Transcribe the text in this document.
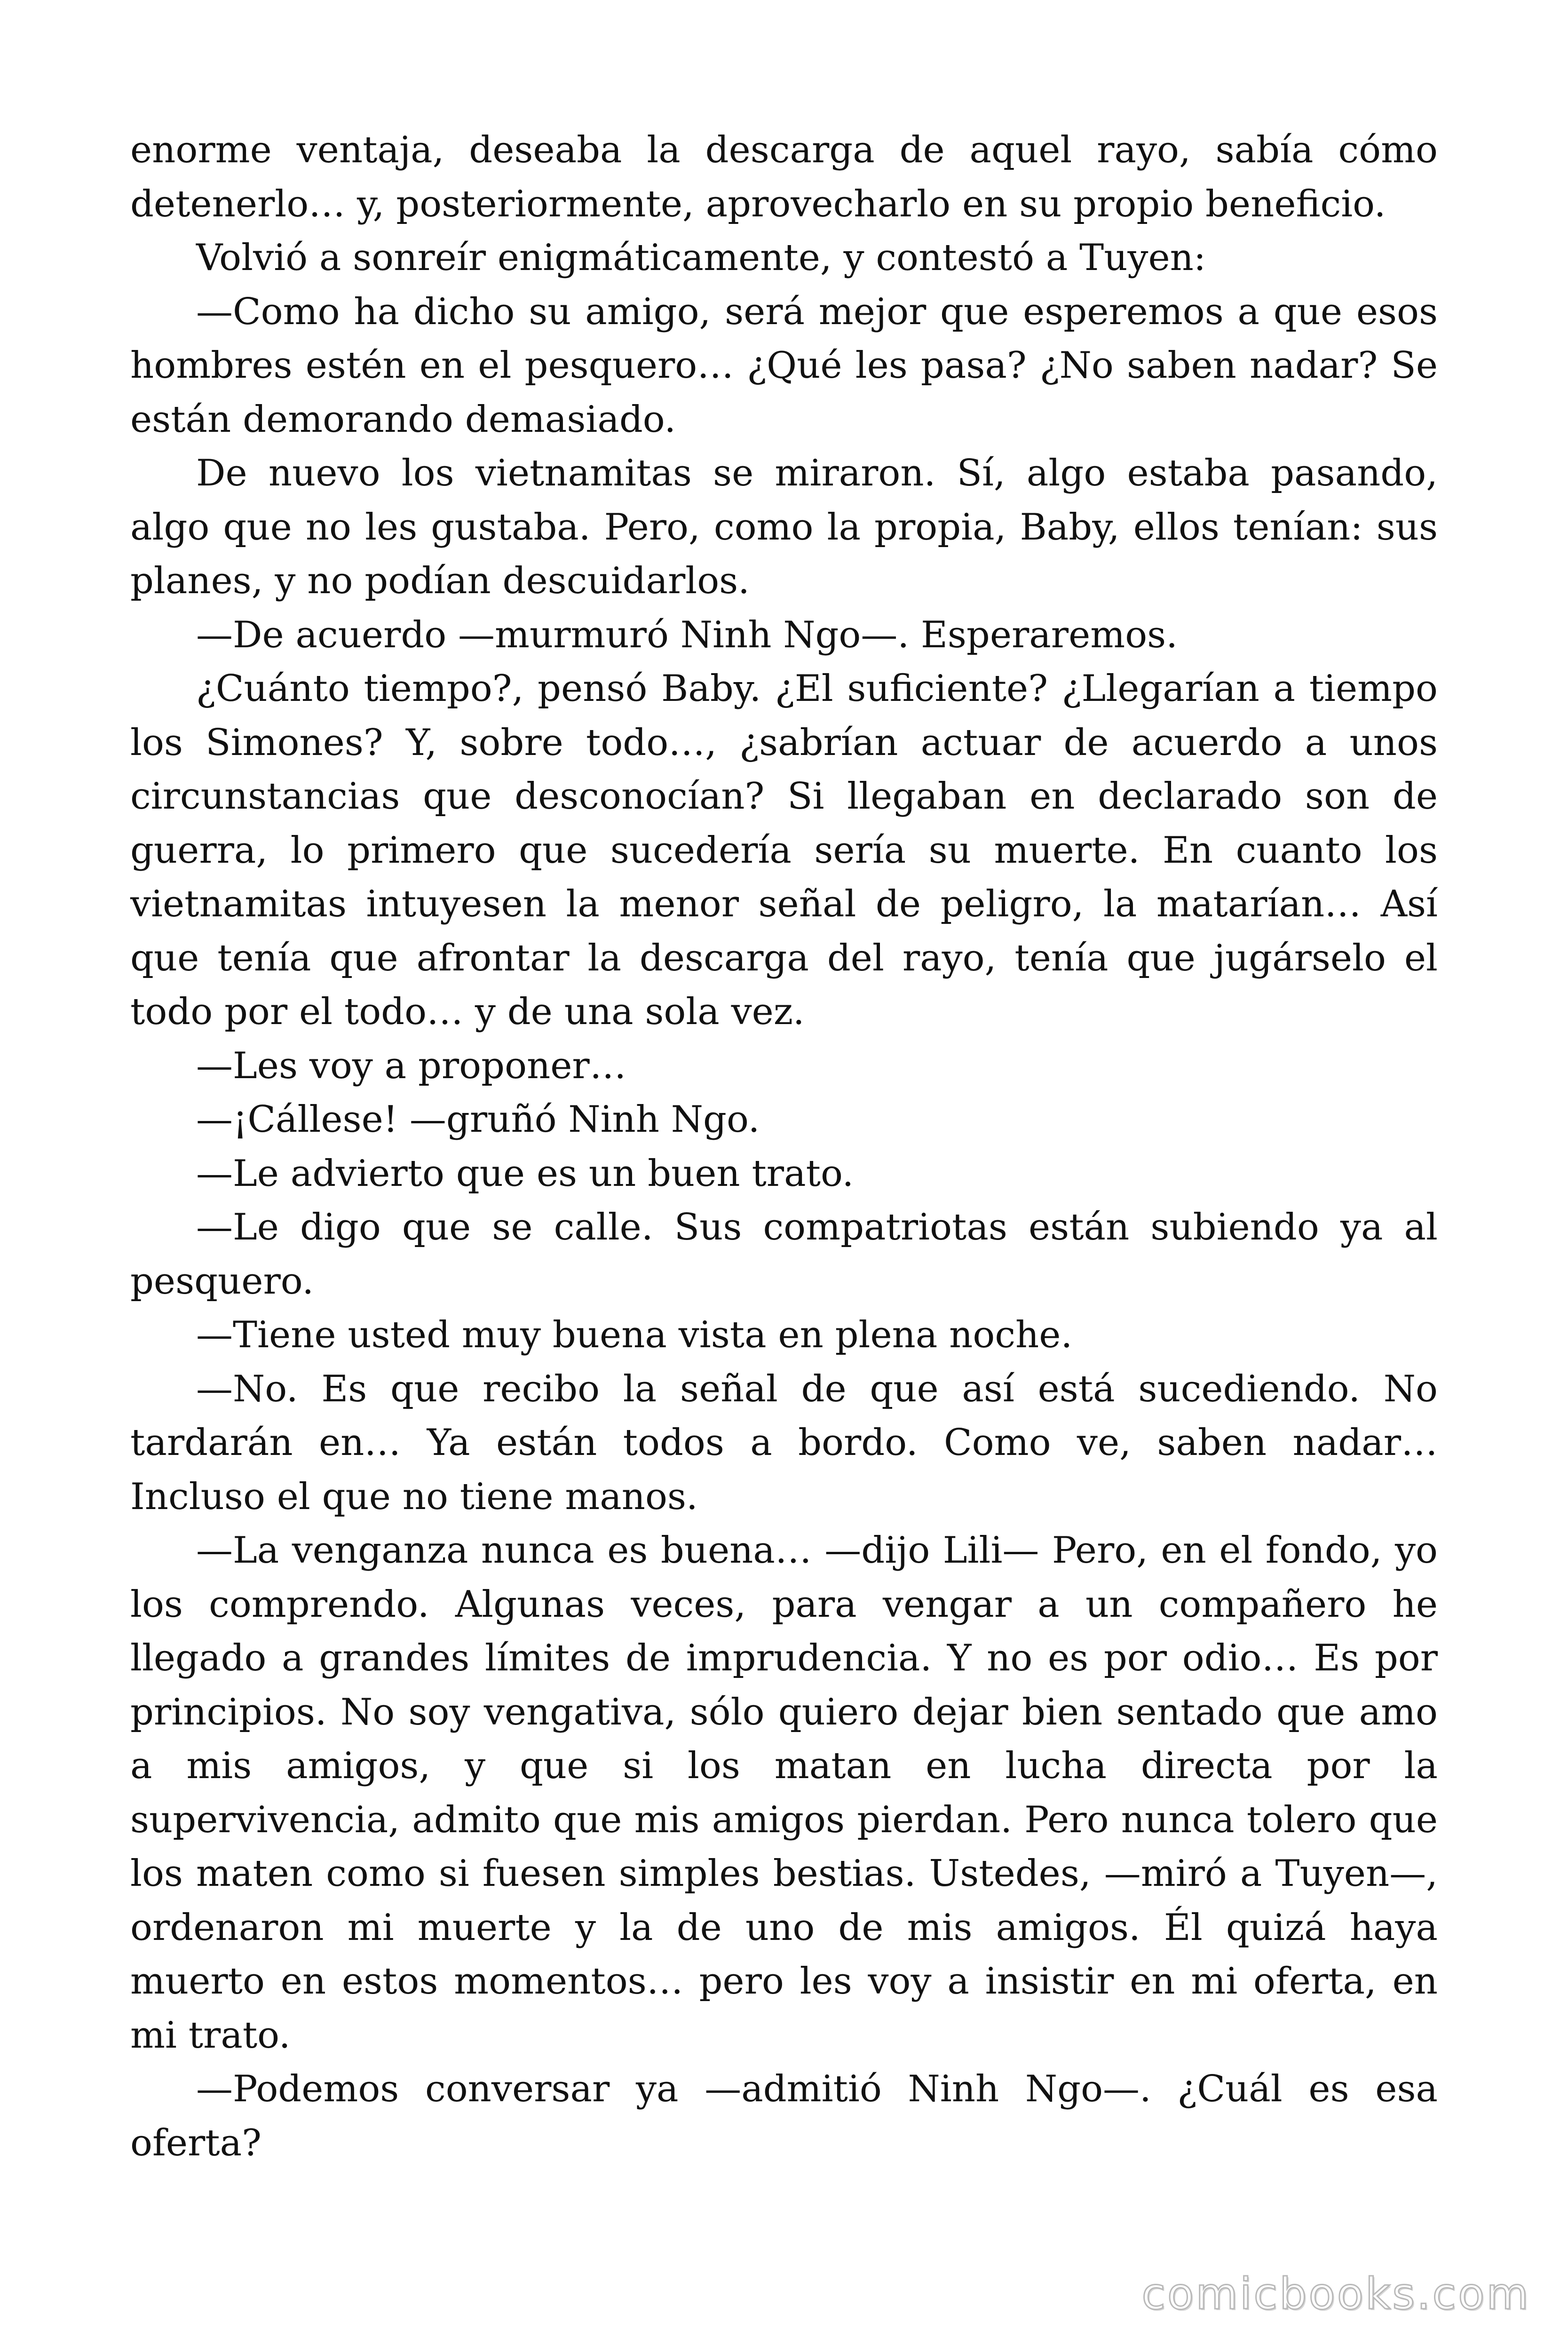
enorme ventaja, deseaba la descarga de aquel rayo, sabía cómo detenerlo… y, posteriormente, aprovecharlo en su propio beneficio.

Volvió a sonreír enigmáticamente, y contestó a Tuyen:

—Como ha dicho su amigo, será mejor que esperemos a que esos hombres estén en el pesquero… ¿Qué les pasa? ¿No saben nadar? Se están demorando demasiado.

De nuevo los vietnamitas se miraron. Sí, algo estaba pasando, algo que no les gustaba. Pero, como la propia, Baby, ellos tenían: sus planes, y no podían descuidarlos.

—De acuerdo —murmuró Ninh Ngo—. Esperaremos.

¿Cuánto tiempo?, pensó Baby. ¿El suficiente? ¿Llegarían a tiempo los Simones? Y, sobre todo…, ¿sabrían actuar de acuerdo a unos circunstancias que desconocían? Si llegaban en declarado son de guerra, lo primero que sucedería sería su muerte. En cuanto los vietnamitas intuyesen la menor señal de peligro, la matarían… Así que tenía que afrontar la descarga del rayo, tenía que jugárselo el todo por el todo… y de una sola vez.

—Les voy a proponer…

—¡Cállese! —gruñó Ninh Ngo.

—Le advierto que es un buen trato.

—Le digo que se calle. Sus compatriotas están subiendo ya al pesquero.

—Tiene usted muy buena vista en plena noche.

—No. Es que recibo la señal de que así está sucediendo. No tardarán en… Ya están todos a bordo. Como ve, saben nadar… Incluso el que no tiene manos.

—La venganza nunca es buena… —dijo Lili— Pero, en el fondo, yo los comprendo. Algunas veces, para vengar a un compañero he llegado a grandes límites de imprudencia. Y no es por odio… Es por principios. No soy vengativa, sólo quiero dejar bien sentado que amo a mis amigos, y que si los matan en lucha directa por la supervivencia, admito que mis amigos pierdan. Pero nunca tolero que los maten como si fuesen simples bestias. Ustedes, —miró a Tuyen—, ordenaron mi muerte y la de uno de mis amigos. Él quizá haya muerto en estos momentos… pero les voy a insistir en mi oferta, en mi trato.

—Podemos conversar ya —admitió Ninh Ngo—. ¿Cuál es esa oferta?

comicbooks.com
